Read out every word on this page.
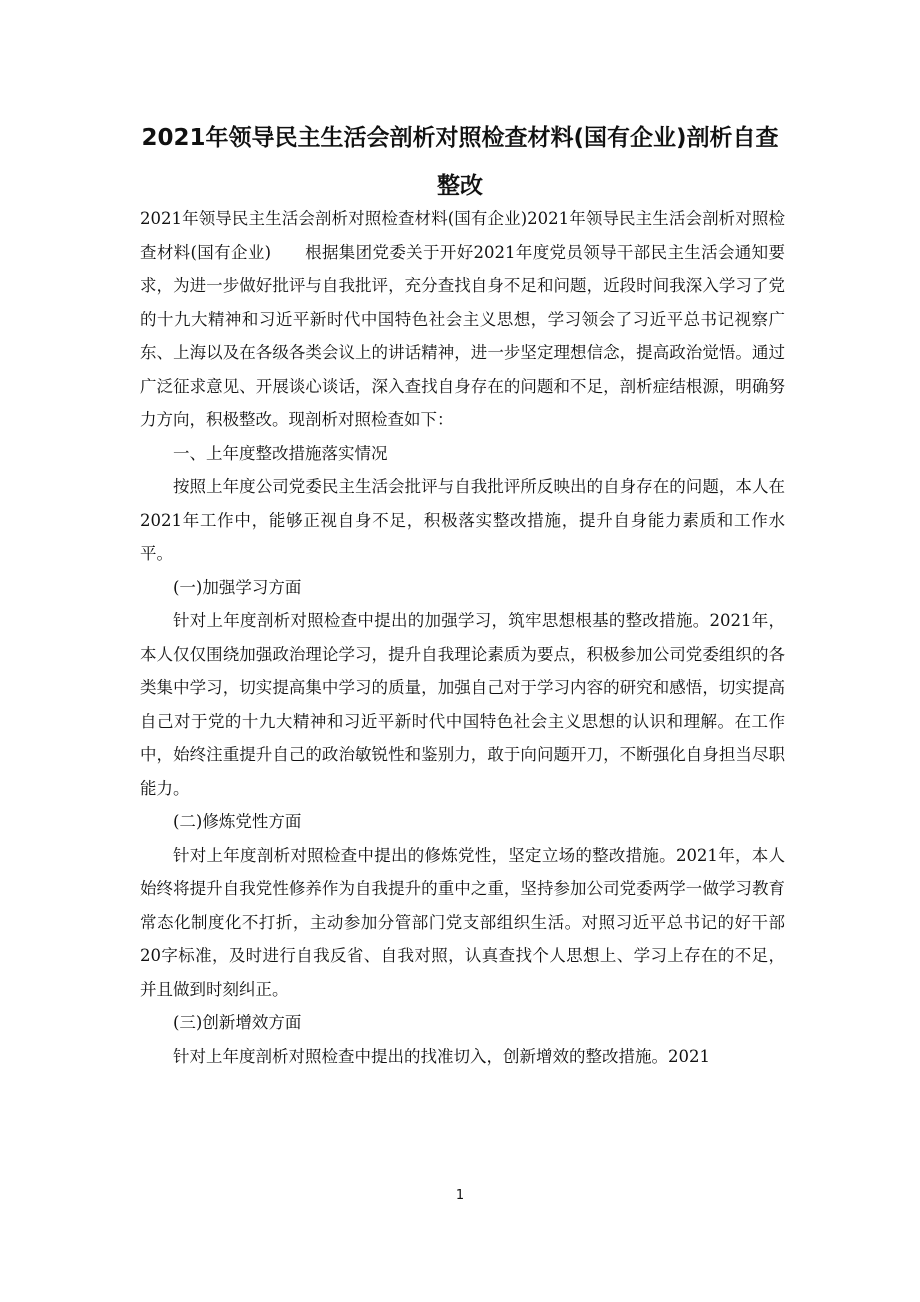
2021年领导民主生活会剖析对照检查材料(国有企业)剖析自查
整改

2021年领导民主生活会剖析对照检查材料(国有企业)2021年领导民主生活会剖析对照检查材料(国有企业)　　根据集团党委关于开好2021年度党员领导干部民主生活会通知要求，为进一步做好批评与自我批评，充分查找自身不足和问题，近段时间我深入学习了党的十九大精神和习近平新时代中国特色社会主义思想，学习领会了习近平总书记视察广东、上海以及在各级各类会议上的讲话精神，进一步坚定理想信念，提高政治觉悟。通过广泛征求意见、开展谈心谈话，深入查找自身存在的问题和不足，剖析症结根源，明确努力方向，积极整改。现剖析对照检查如下：

一、上年度整改措施落实情况

按照上年度公司党委民主生活会批评与自我批评所反映出的自身存在的问题，本人在2021年工作中，能够正视自身不足，积极落实整改措施，提升自身能力素质和工作水平。

(一)加强学习方面

针对上年度剖析对照检查中提出的加强学习，筑牢思想根基的整改措施。2021年，本人仅仅围绕加强政治理论学习，提升自我理论素质为要点，积极参加公司党委组织的各类集中学习，切实提高集中学习的质量，加强自己对于学习内容的研究和感悟，切实提高自己对于党的十九大精神和习近平新时代中国特色社会主义思想的认识和理解。在工作中，始终注重提升自己的政治敏锐性和鉴别力，敢于向问题开刀，不断强化自身担当尽职能力。

(二)修炼党性方面

针对上年度剖析对照检查中提出的修炼党性，坚定立场的整改措施。2021年，本人始终将提升自我党性修养作为自我提升的重中之重，坚持参加公司党委两学一做学习教育常态化制度化不打折，主动参加分管部门党支部组织生活。对照习近平总书记的好干部20字标准，及时进行自我反省、自我对照，认真查找个人思想上、学习上存在的不足，并且做到时刻纠正。

(三)创新增效方面

针对上年度剖析对照检查中提出的找准切入，创新增效的整改措施。2021

1
